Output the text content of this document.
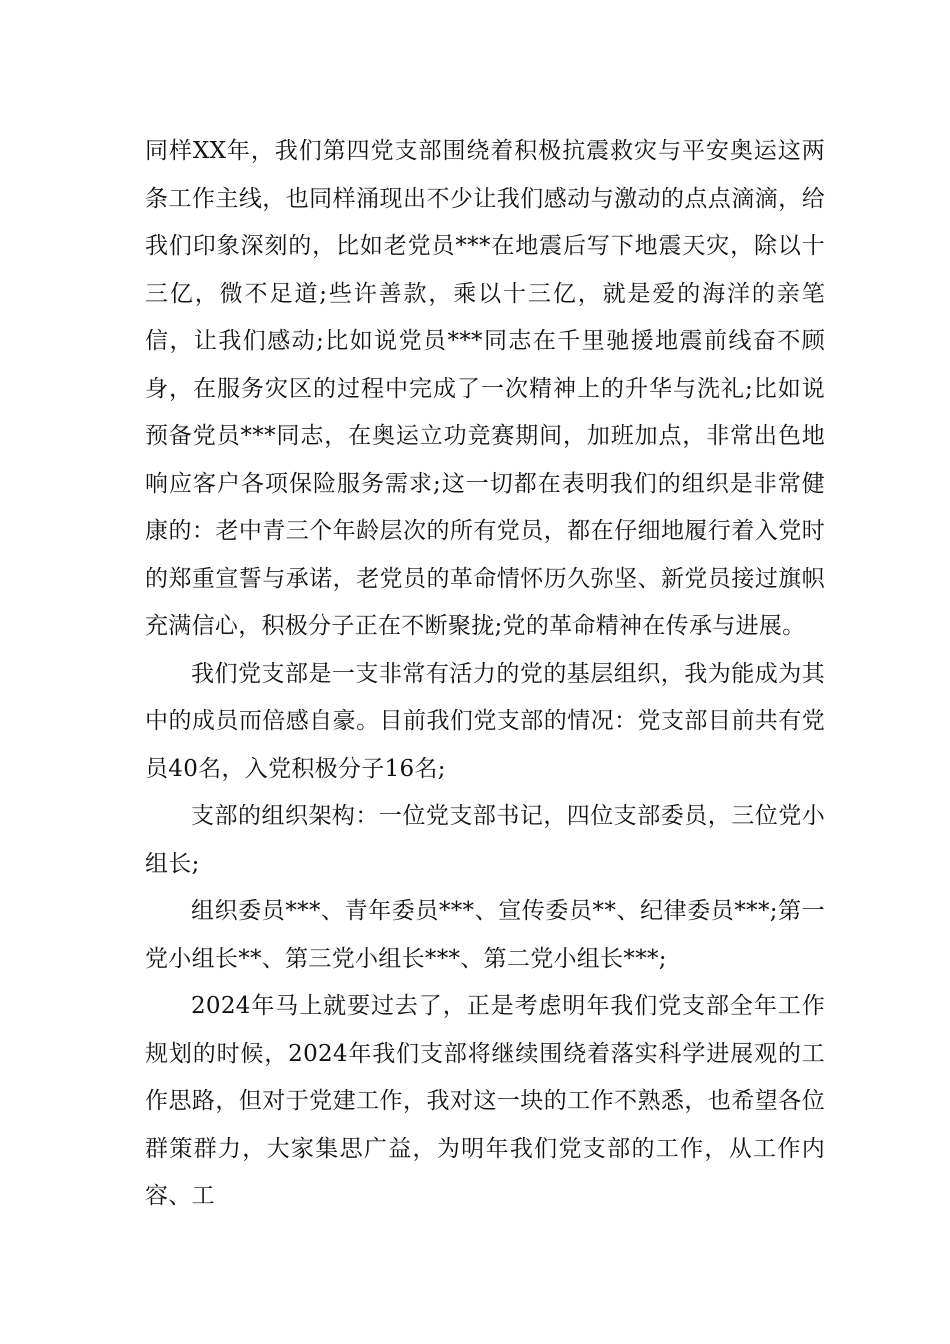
同样XX年，我们第四党支部围绕着积极抗震救灾与平安奥运这两条工作主线，也同样涌现出不少让我们感动与激动的点点滴滴，给我们印象深刻的，比如老党员***在地震后写下地震天灾，除以十三亿，微不足道;些许善款，乘以十三亿，就是爱的海洋的亲笔信，让我们感动;比如说党员***同志在千里驰援地震前线奋不顾身，在服务灾区的过程中完成了一次精神上的升华与洗礼;比如说预备党员***同志，在奥运立功竞赛期间，加班加点，非常出色地响应客户各项保险服务需求;这一切都在表明我们的组织是非常健康的：老中青三个年龄层次的所有党员，都在仔细地履行着入党时的郑重宣誓与承诺，老党员的革命情怀历久弥坚、新党员接过旗帜充满信心，积极分子正在不断聚拢;党的革命精神在传承与进展。

我们党支部是一支非常有活力的党的基层组织，我为能成为其中的成员而倍感自豪。目前我们党支部的情况：党支部目前共有党员40名，入党积极分子16名;

支部的组织架构：一位党支部书记，四位支部委员，三位党小组长;

组织委员***、青年委员***、宣传委员**、纪律委员***;第一党小组长**、第三党小组长***、第二党小组长***;

2024年马上就要过去了，正是考虑明年我们党支部全年工作规划的时候，2024年我们支部将继续围绕着落实科学进展观的工作思路，但对于党建工作，我对这一块的工作不熟悉，也希望各位群策群力，大家集思广益，为明年我们党支部的工作，从工作内容、工
